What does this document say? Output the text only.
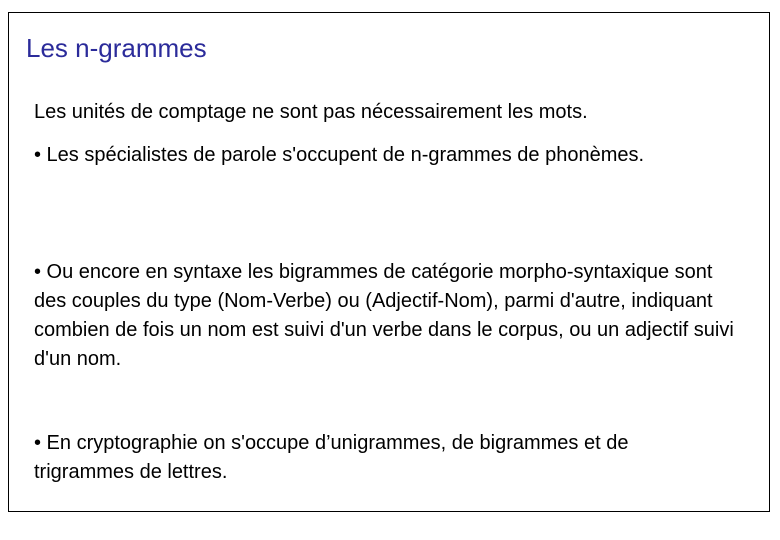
Les n-grammes

Les unités de comptage ne sont pas nécessairement les mots.

• Les spécialistes de parole s'occupent de n-grammes de phonèmes.

• Ou encore en syntaxe les bigrammes de catégorie morpho-syntaxique sont des couples du type (Nom-Verbe) ou (Adjectif-Nom), parmi d'autre, indiquant combien de fois un nom est suivi d'un verbe dans le corpus, ou un adjectif suivi d'un nom.

• En cryptographie on s'occupe d’unigrammes, de bigrammes et de trigrammes de lettres.
